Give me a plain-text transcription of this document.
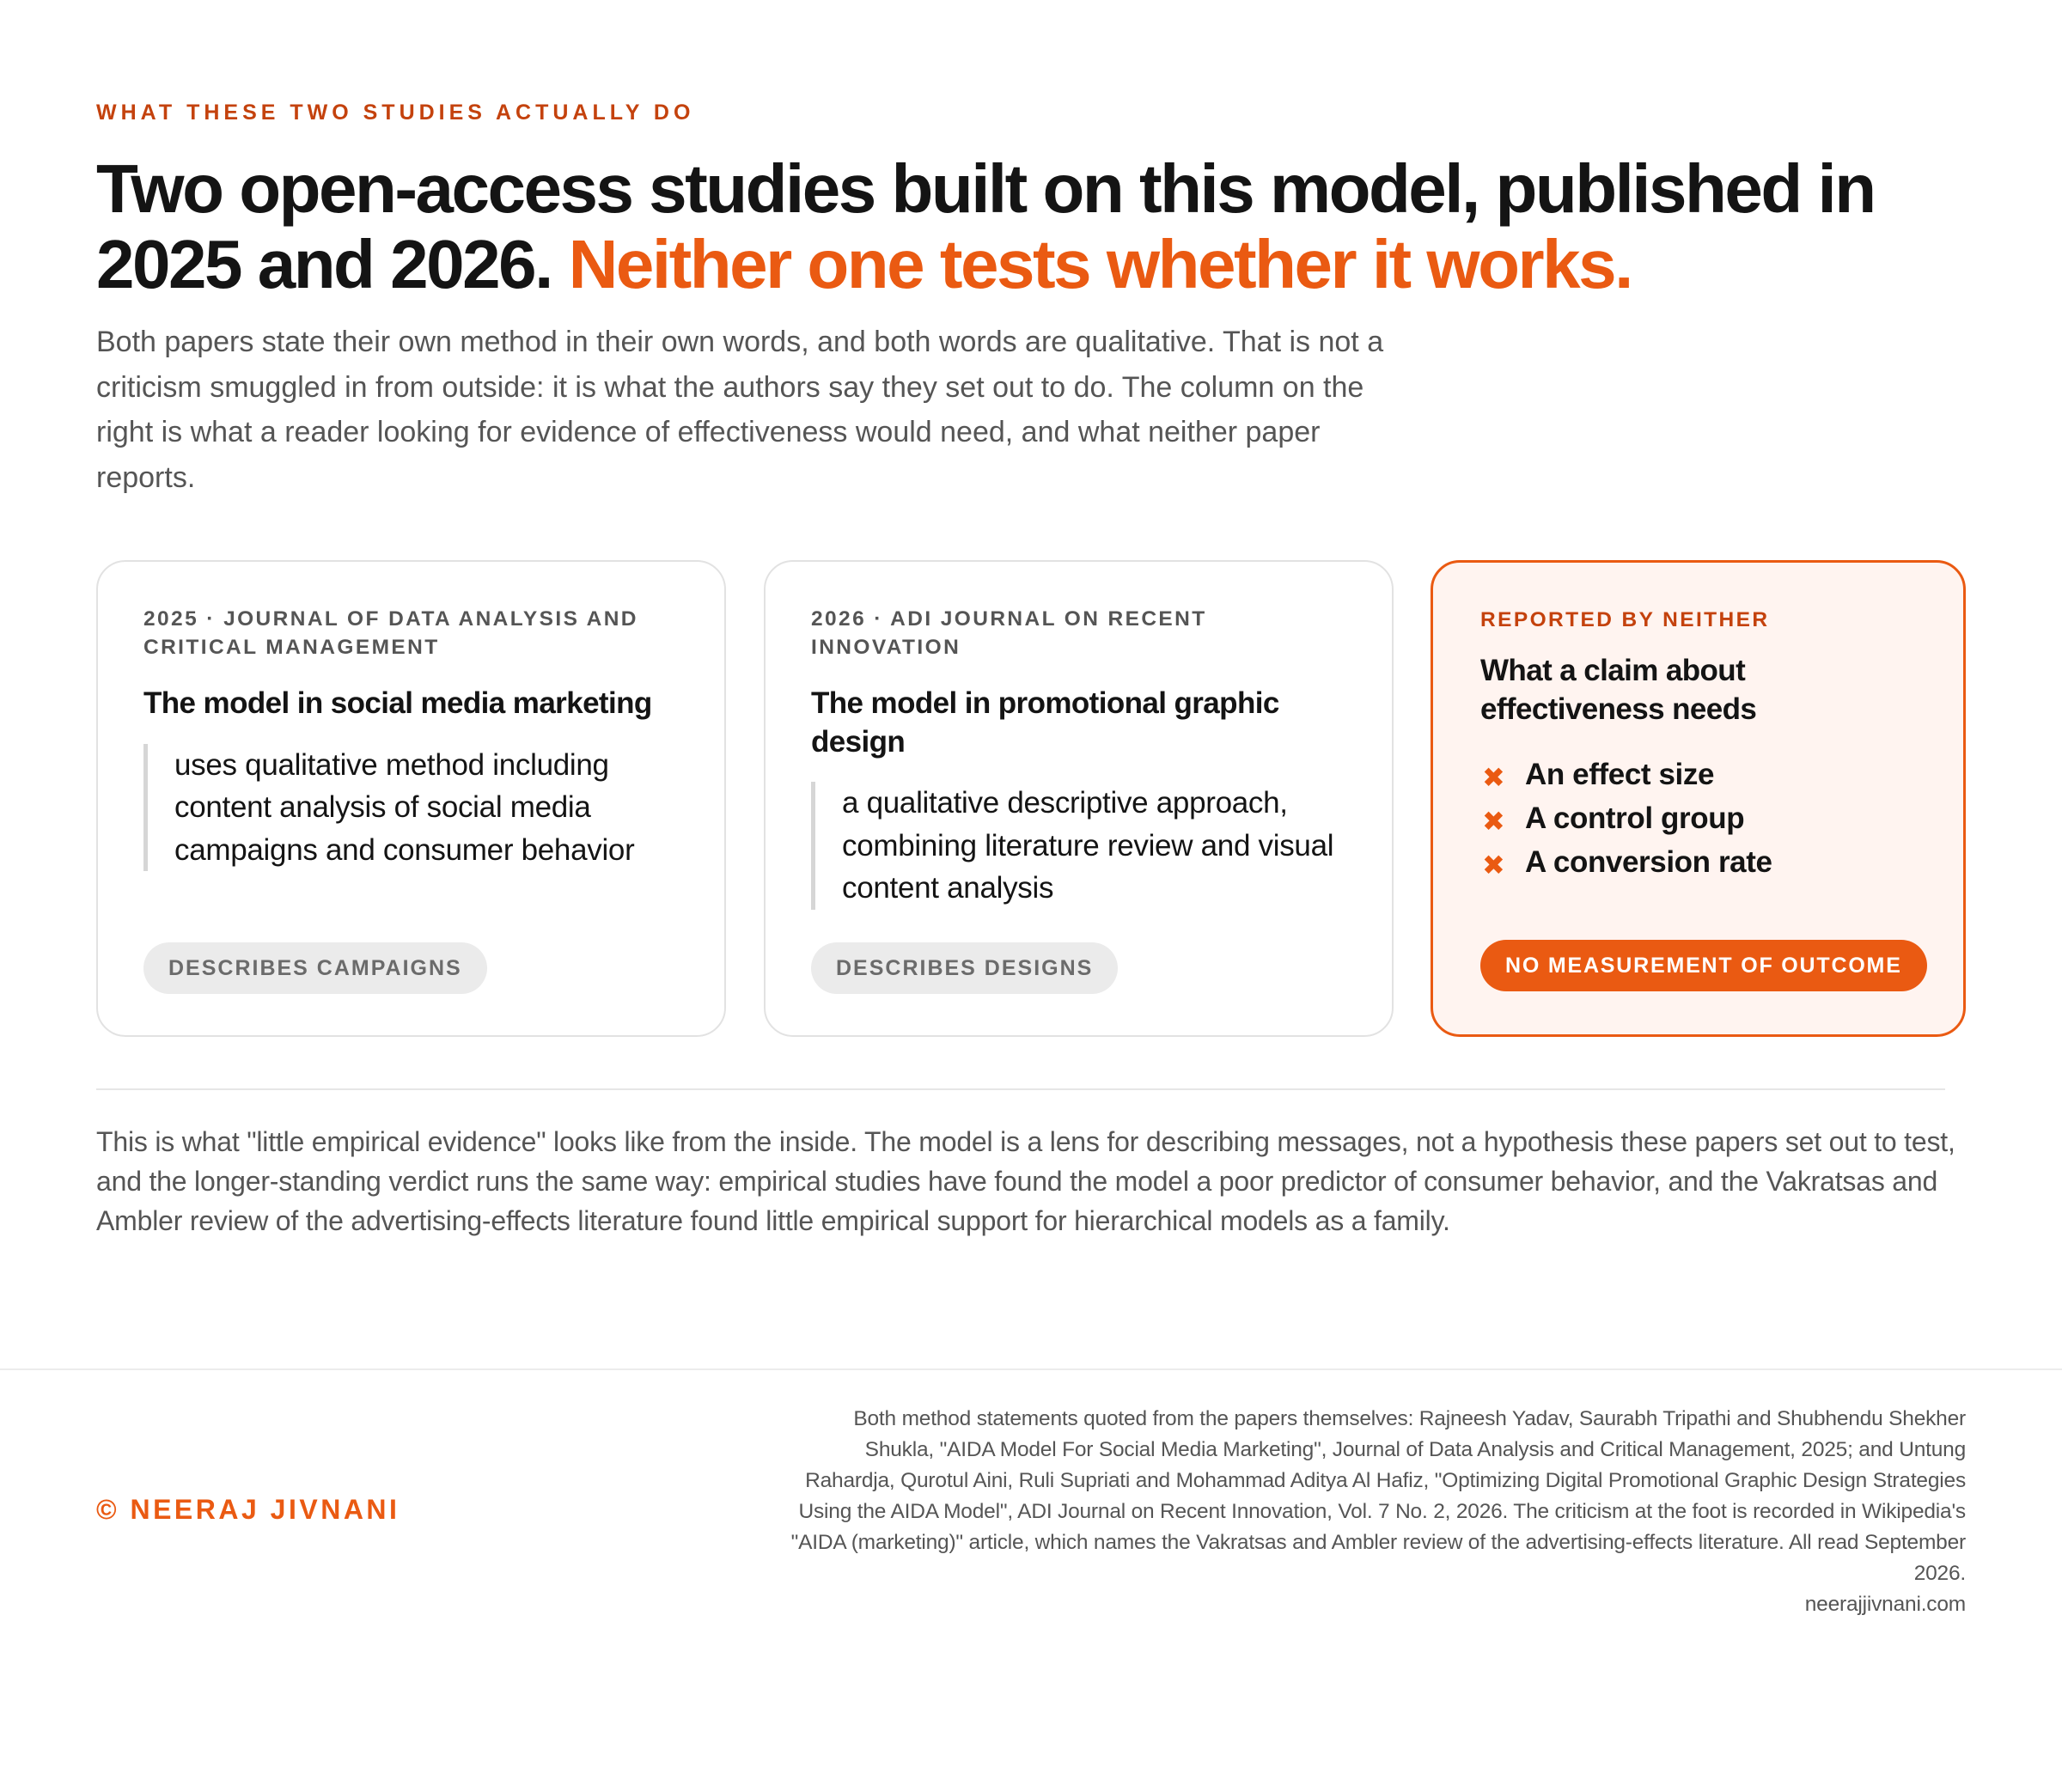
WHAT THESE TWO STUDIES ACTUALLY DO
Two open-access studies built on this model, published in 2025 and 2026. Neither one tests whether it works.

Both papers state their own method in their own words, and both words are qualitative. That is not a criticism smuggled in from outside: it is what the authors say they set out to do. The column on the right is what a reader looking for evidence of effectiveness would need, and what neither paper reports.

2025 · JOURNAL OF DATA ANALYSIS AND CRITICAL MANAGEMENT
The model in social media marketing
uses qualitative method including content analysis of social media campaigns and consumer behavior
DESCRIBES CAMPAIGNS
2026 · ADI JOURNAL ON RECENT INNOVATION
The model in promotional graphic design
a qualitative descriptive approach, combining literature review and visual content analysis
DESCRIBES DESIGNS
REPORTED BY NEITHER
What a claim about effectiveness needs
✖ An effect size
✖ A control group
✖ A conversion rate
NO MEASUREMENT OF OUTCOME

This is what "little empirical evidence" looks like from the inside. The model is a lens for describing messages, not a hypothesis these papers set out to test, and the longer-standing verdict runs the same way: empirical studies have found the model a poor predictor of consumer behavior, and the Vakratsas and Ambler review of the advertising-effects literature found little empirical support for hierarchical models as a family.

© NEERAJ JIVNANI
Both method statements quoted from the papers themselves: Rajneesh Yadav, Saurabh Tripathi and Shubhendu Shekher Shukla, "AIDA Model For Social Media Marketing", Journal of Data Analysis and Critical Management, 2025; and Untung Rahardja, Qurotul Aini, Ruli Supriati and Mohammad Aditya Al Hafiz, "Optimizing Digital Promotional Graphic Design Strategies Using the AIDA Model", ADI Journal on Recent Innovation, Vol. 7 No. 2, 2026. The criticism at the foot is recorded in Wikipedia's "AIDA (marketing)" article, which names the Vakratsas and Ambler review of the advertising-effects literature. All read September 2026.
neerajjivnani.com
